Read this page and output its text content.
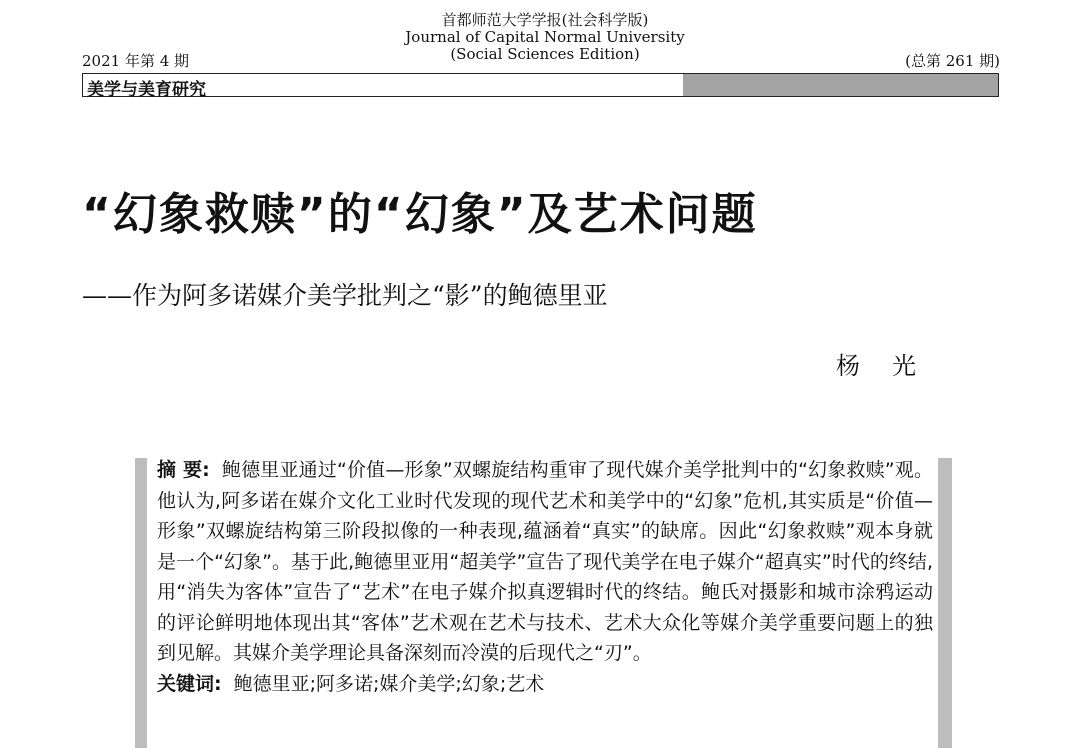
首都师范大学学报(社会科学版)
Journal of Capital Normal University
(Social Sciences Edition)
2021 年第 4 期	(总第 261 期)
美学与美育研究
“幻象救赎”的“幻象”及艺术问题
——作为阿多诺媒介美学批判之“影”的鲍德里亚
杨光
摘 要: 鲍德里亚通过“价值—形象”双螺旋结构重审了现代媒介美学批判中的“幻象救赎”观。他认为,阿多诺在媒介文化工业时代发现的现代艺术和美学中的“幻象”危机,其实质是“价值—形象”双螺旋结构第三阶段拟像的一种表现,蕴涵着“真实”的缺席。因此“幻象救赎”观本身就是一个“幻象”。基于此,鲍德里亚用“超美学”宣告了现代美学在电子媒介“超真实”时代的终结,用“消失为客体”宣告了“艺术”在电子媒介拟真逻辑时代的终结。鲍氏对摄影和城市涂鸦运动的评论鲜明地体现出其“客体”艺术观在艺术与技术、艺术大众化等媒介美学重要问题上的独到见解。其媒介美学理论具备深刻而冷漠的后现代之“刃”。
关键词: 鲍德里亚;阿多诺;媒介美学;幻象;艺术
